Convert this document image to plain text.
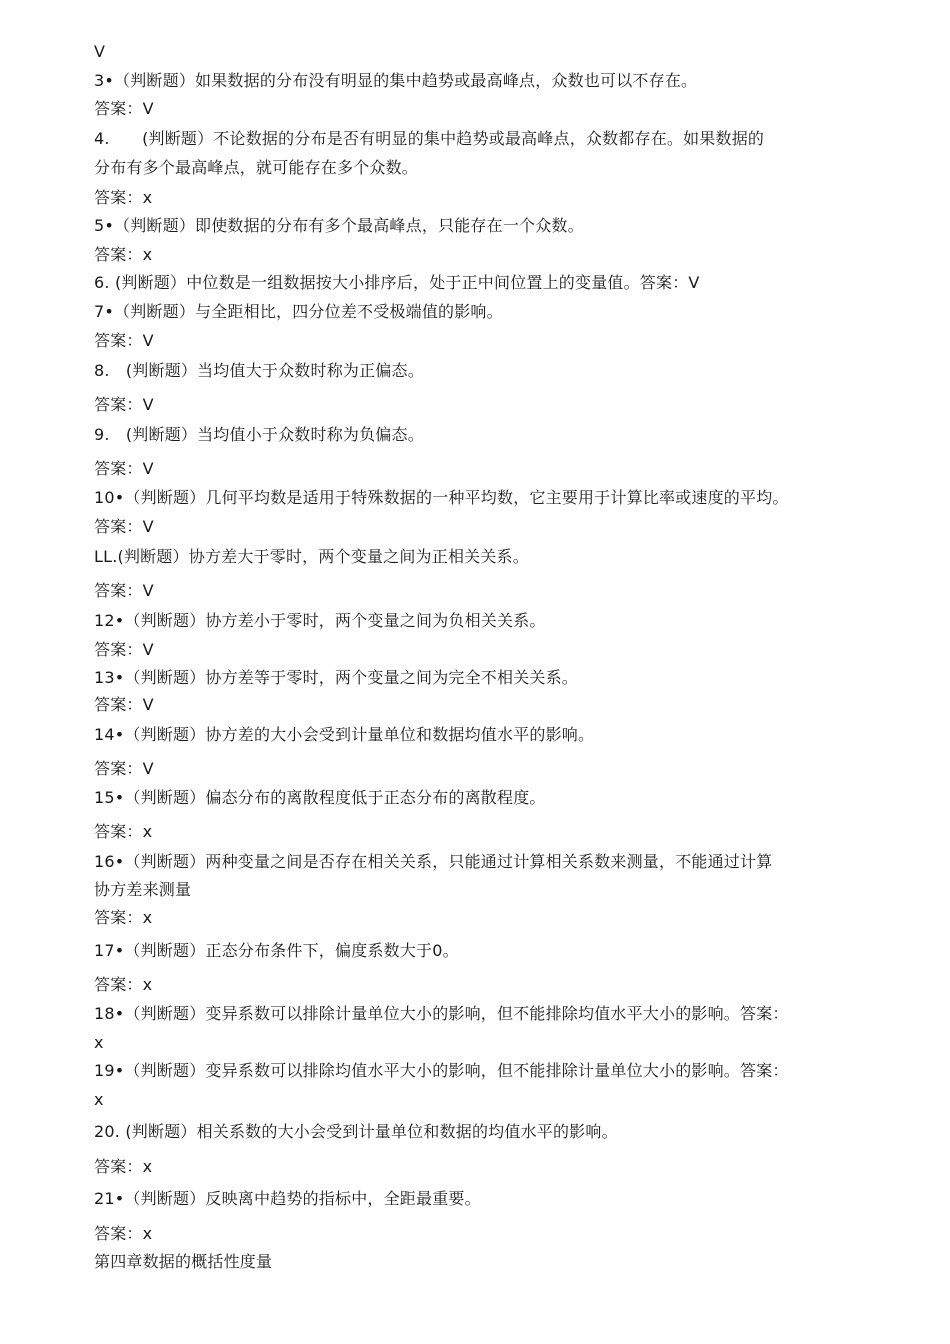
V
3•（判断题）如果数据的分布没有明显的集中趋势或最高峰点，众数也可以不存在。
答案：V
4.　　(判断题）不论数据的分布是否有明显的集中趋势或最高峰点，众数都存在。如果数据的
分布有多个最高峰点，就可能存在多个众数。
答案：x
5•（判断题）即使数据的分布有多个最高峰点，只能存在一个众数。
答案：x
6. (判断题）中位数是一组数据按大小排序后，处于正中间位置上的变量值。答案：V
7•（判断题）与全距相比，四分位差不受极端值的影响。
答案：V
8.　(判断题）当均值大于众数时称为正偏态。
答案：V
9.　(判断题）当均值小于众数时称为负偏态。
答案：V
10•（判断题）几何平均数是适用于特殊数据的一种平均数，它主要用于计算比率或速度的平均。
答案：V
LL.(判断题）协方差大于零时，两个变量之间为正相关关系。
答案：V
12•（判断题）协方差小于零时，两个变量之间为负相关关系。
答案：V
13•（判断题）协方差等于零时，两个变量之间为完全不相关关系。
答案：V
14•（判断题）协方差的大小会受到计量单位和数据均值水平的影响。
答案：V
15•（判断题）偏态分布的离散程度低于正态分布的离散程度。
答案：x
16•（判断题）两种变量之间是否存在相关关系，只能通过计算相关系数来测量，不能通过计算
协方差来测量
答案：x
17•（判断题）正态分布条件下，偏度系数大于0。
答案：x
18•（判断题）变异系数可以排除计量单位大小的影响，但不能排除均值水平大小的影响。答案：
x
19•（判断题）变异系数可以排除均值水平大小的影响，但不能排除计量单位大小的影响。答案：
x
20. (判断题）相关系数的大小会受到计量单位和数据的均值水平的影响。
答案：x
21•（判断题）反映离中趋势的指标中，全距最重要。
答案：x
第四章数据的概括性度量
